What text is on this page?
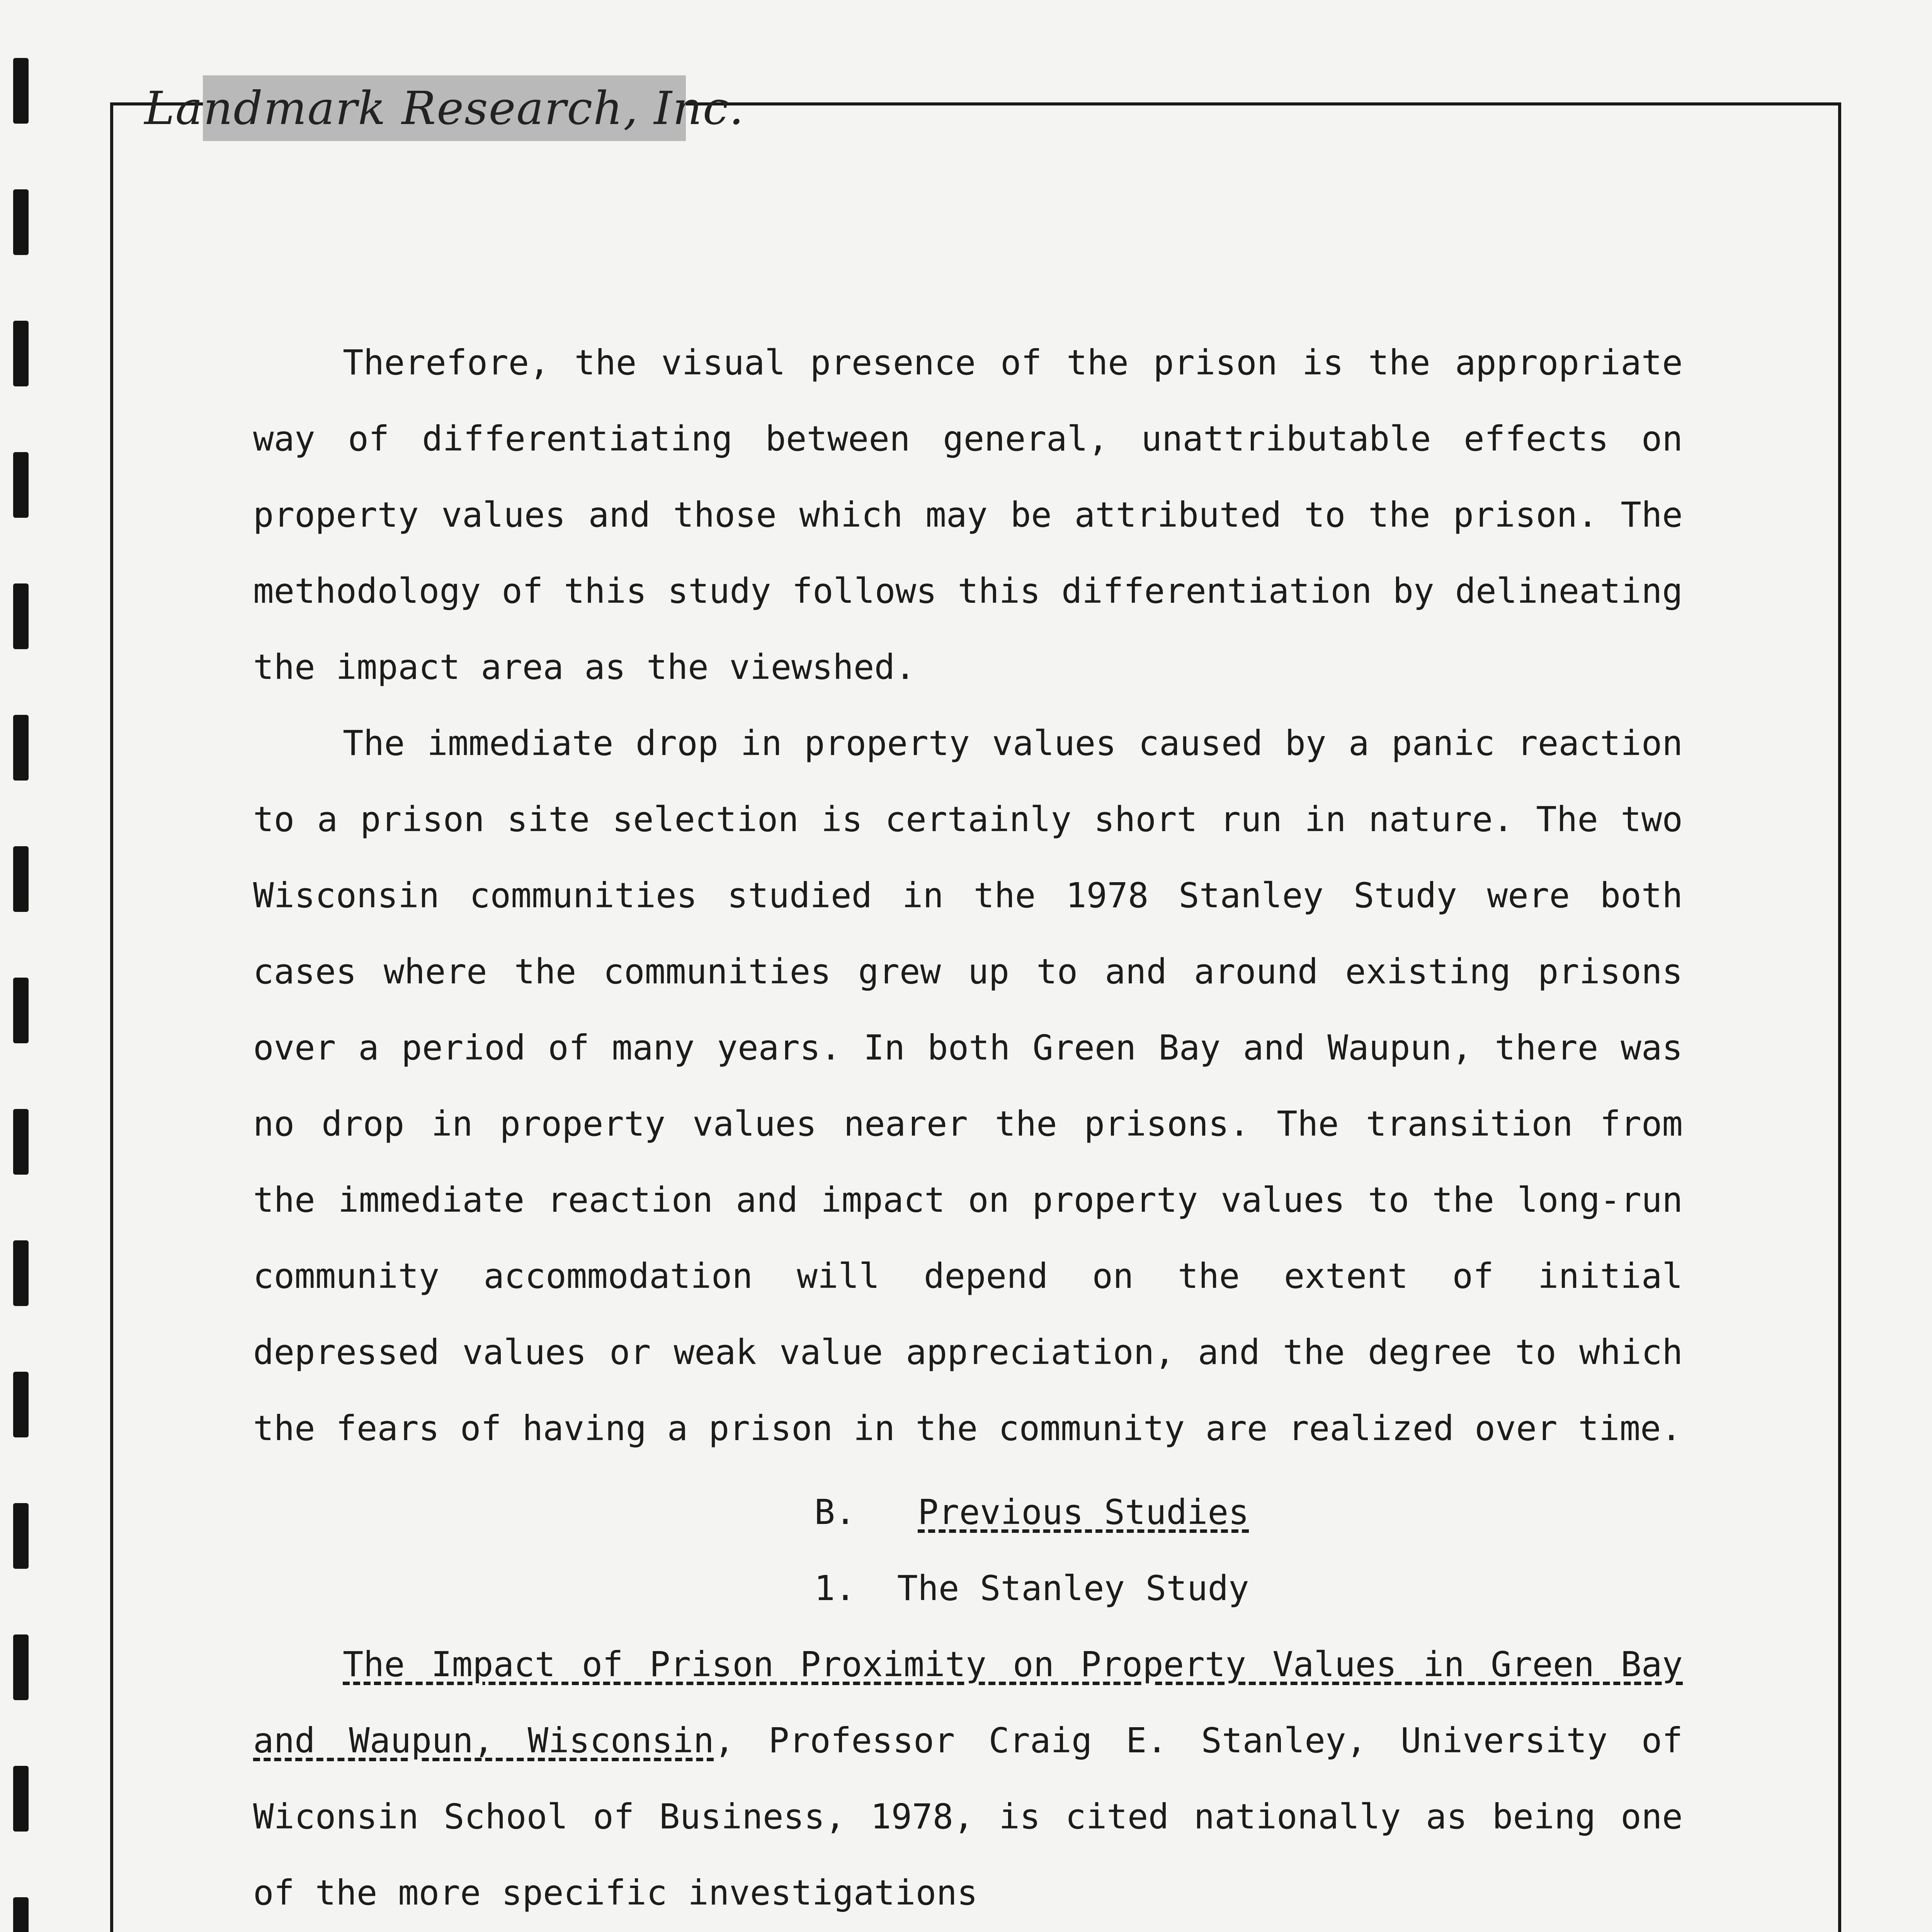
Landmark Research, Inc.

Therefore, the visual presence of the prison is the appropriate way of differentiating between general, unattributable effects on property values and those which may be attributed to the prison. The methodology of this study follows this differentiation by delineating the impact area as the viewshed.

The immediate drop in property values caused by a panic reaction to a prison site selection is certainly short run in nature. The two Wisconsin communities studied in the 1978 Stanley Study were both cases where the communities grew up to and around existing prisons over a period of many years. In both Green Bay and Waupun, there was no drop in property values nearer the prisons. The transition from the immediate reaction and impact on property values to the long-run community accommodation will depend on the extent of initial depressed values or weak value appreciation, and the degree to which the fears of having a prison in the community are realized over time.

B. Previous Studies

1. The Stanley Study

The Impact of Prison Proximity on Property Values in Green Bay and Waupun, Wisconsin, Professor Craig E. Stanley, University of Wiconsin School of Business, 1978, is cited nationally as being one of the more specific investigations
